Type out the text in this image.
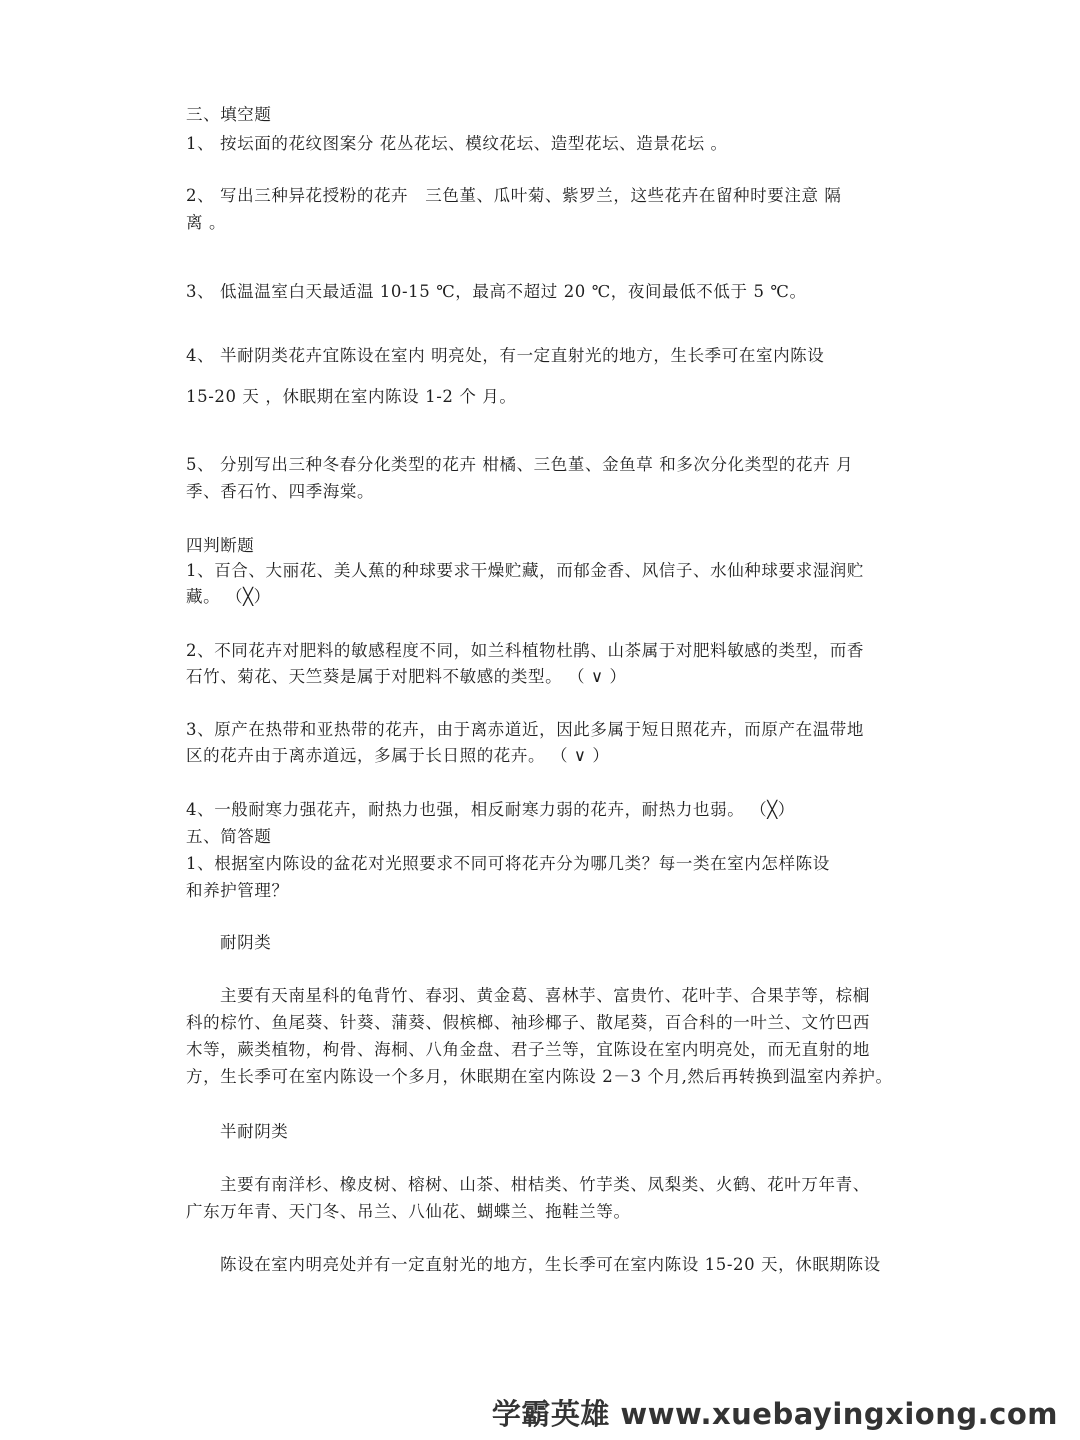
三、填空题
1、 按坛面的花纹图案分 花丛花坛、模纹花坛、造型花坛、造景花坛 。
2、 写出三种异花授粉的花卉　三色堇、瓜叶菊、紫罗兰，这些花卉在留种时要注意 隔
离 。
3、 低温温室白天最适温 10-15 ℃，最高不超过 20 ℃，夜间最低不低于 5 ℃。
4、 半耐阴类花卉宜陈设在室内 明亮处，有一定直射光的地方，生长季可在室内陈设
15-20 天 ，休眠期在室内陈设 1-2 个 月。
5、 分别写出三种冬春分化类型的花卉 柑橘、三色堇、金鱼草 和多次分化类型的花卉 月
季、香石竹、四季海棠。
四判断题
1、百合、大丽花、美人蕉的种球要求干燥贮藏，而郁金香、风信子、水仙种球要求湿润贮
藏。 （╳）
2、不同花卉对肥料的敏感程度不同，如兰科植物杜鹃、山茶属于对肥料敏感的类型，而香
石竹、菊花、天竺葵是属于对肥料不敏感的类型。 （ ∨ ）
3、原产在热带和亚热带的花卉，由于离赤道近，因此多属于短日照花卉，而原产在温带地
区的花卉由于离赤道远，多属于长日照的花卉。 （ ∨ ）
4、一般耐寒力强花卉，耐热力也强，相反耐寒力弱的花卉，耐热力也弱。 （╳）
五、简答题
1、根据室内陈设的盆花对光照要求不同可将花卉分为哪几类？每一类在室内怎样陈设
和养护管理？
耐阴类
主要有天南星科的龟背竹、春羽、黄金葛、喜林芋、富贵竹、花叶芋、合果芋等，棕榈
科的棕竹、鱼尾葵、针葵、蒲葵、假槟榔、袖珍椰子、散尾葵，百合科的一叶兰、文竹巴西
木等，蕨类植物，枸骨、海桐、八角金盘、君子兰等，宜陈设在室内明亮处，而无直射的地
方，生长季可在室内陈设一个多月，休眠期在室内陈设 2－3 个月,然后再转换到温室内养护。
半耐阴类
主要有南洋杉、橡皮树、榕树、山茶、柑桔类、竹芋类、凤梨类、火鹤、花叶万年青、
广东万年青、天门冬、吊兰、八仙花、蝴蝶兰、拖鞋兰等。
陈设在室内明亮处并有一定直射光的地方，生长季可在室内陈设 15-20 天，休眠期陈设
学霸英雄 www.xuebayingxiong.com
